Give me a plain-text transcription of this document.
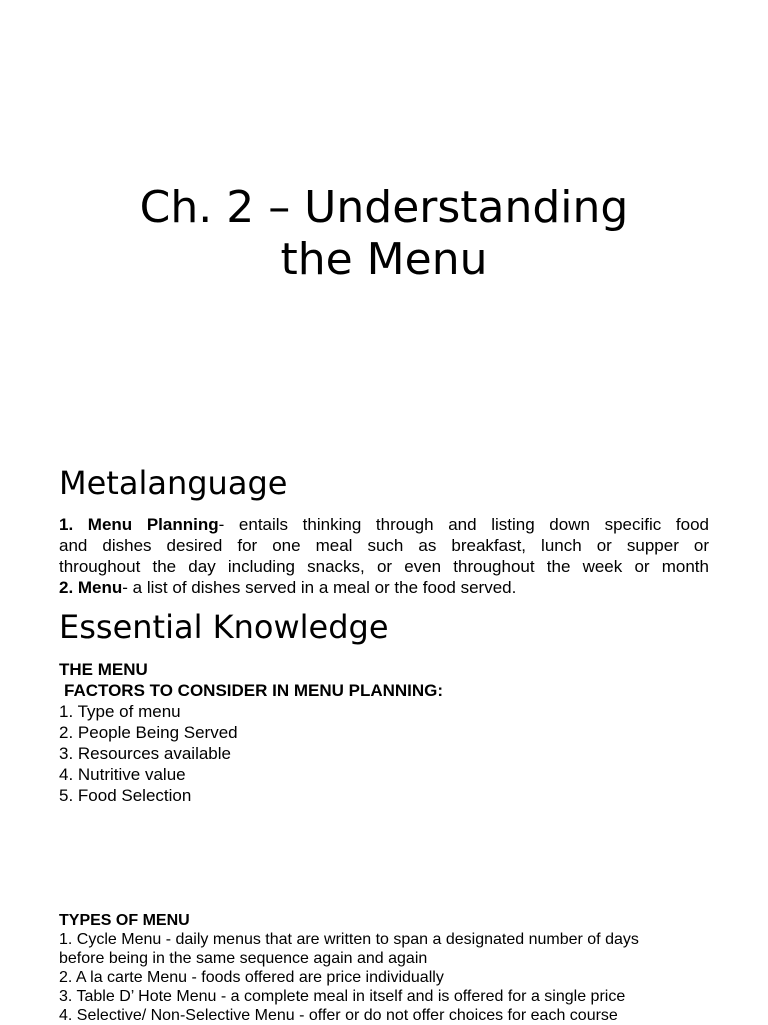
Ch. 2 – Understanding
the Menu
Metalanguage

1. Menu Planning- entails thinking through and listing down specific food

and dishes desired for one meal such as breakfast, lunch or supper or

throughout the day including snacks, or even throughout the week or month

2. Menu- a list of dishes served in a meal or the food served.

Essential Knowledge

THE MENU

FACTORS TO CONSIDER IN MENU PLANNING:

1. Type of menu

2. People Being Served

3. Resources available

4. Nutritive value

5. Food Selection

TYPES OF MENU

1. Cycle Menu - daily menus that are written to span a designated number of days

before being in the same sequence again and again

2. A la carte Menu - foods offered are price individually

3. Table D’ Hote Menu - a complete meal in itself and is offered for a single price

4. Selective/ Non-Selective Menu - offer or do not offer choices for each course
